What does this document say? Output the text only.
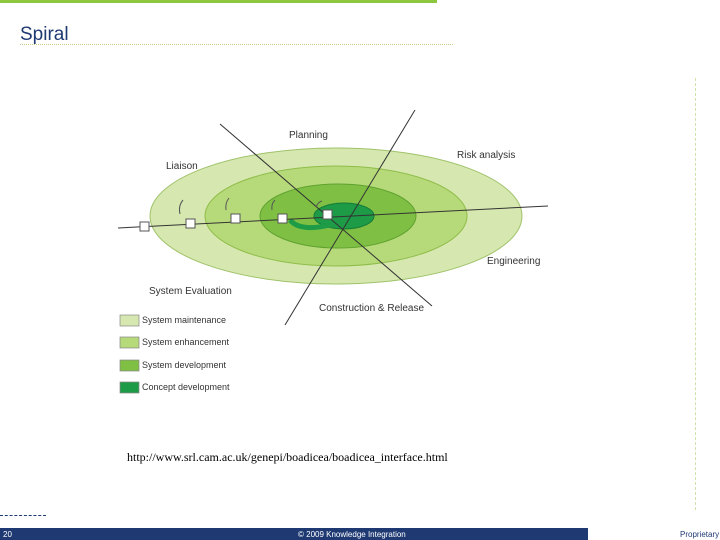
Spiral
Planning
Risk analysis
Liaison
Engineering
System Evaluation
Construction & Release
System maintenance
System enhancement
System development
Concept development
http://www.srl.cam.ac.uk/genepi/boadicea/boadicea_interface.html
20	© 2009 Knowledge Integration	Proprietary
